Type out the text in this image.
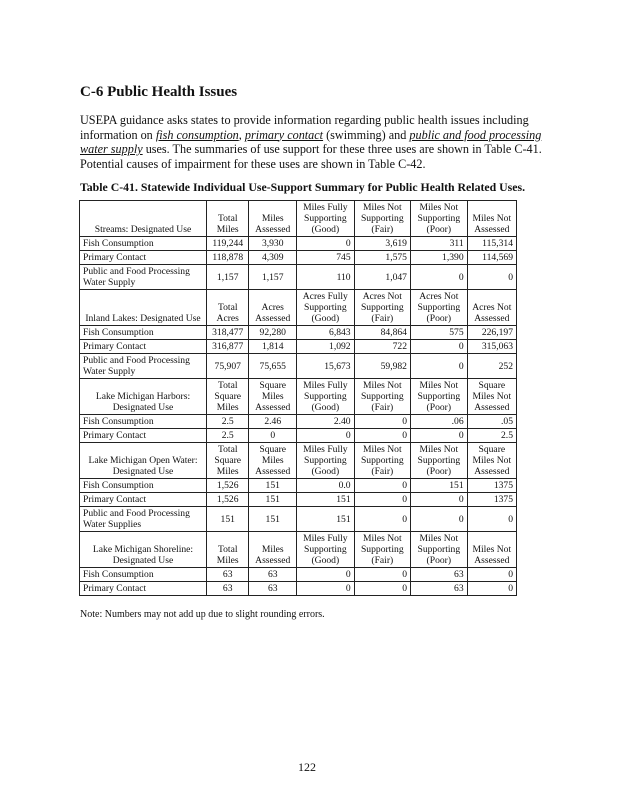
C-6 Public Health Issues

USEPA guidance asks states to provide information regarding public health issues including information on fish consumption, primary contact (swimming) and public and food processing water supply uses. The summaries of use support for these three uses are shown in Table C-41. Potential causes of impairment for these uses are shown in Table C-42.

Table C-41. Statewide Individual Use-Support Summary for Public Health Related Uses.

Streams: Designated Use	Total Miles	Miles Assessed	Miles Fully Supporting (Good)	Miles Not Supporting (Fair)	Miles Not Supporting (Poor)	Miles Not Assessed
Fish Consumption	119,244	3,930	0	3,619	311	115,314
Primary Contact	118,878	4,309	745	1,575	1,390	114,569
Public and Food Processing Water Supply	1,157	1,157	110	1,047	0	0
Inland Lakes: Designated Use	Total Acres	Acres Assessed	Acres Fully Supporting (Good)	Acres Not Supporting (Fair)	Acres Not Supporting (Poor)	Acres Not Assessed
Fish Consumption	318,477	92,280	6,843	84,864	575	226,197
Primary Contact	316,877	1,814	1,092	722	0	315,063
Public and Food Processing Water Supply	75,907	75,655	15,673	59,982	0	252
Lake Michigan Harbors: Designated Use	Total Square Miles	Square Miles Assessed	Miles Fully Supporting (Good)	Miles Not Supporting (Fair)	Miles Not Supporting (Poor)	Square Miles Not Assessed
Fish Consumption	2.5	2.46	2.40	0	.06	.05
Primary Contact	2.5	0	0	0	0	2.5
Lake Michigan Open Water: Designated Use	Total Square Miles	Square Miles Assessed	Miles Fully Supporting (Good)	Miles Not Supporting (Fair)	Miles Not Supporting (Poor)	Square Miles Not Assessed
Fish Consumption	1,526	151	0.0	0	151	1375
Primary Contact	1,526	151	151	0	0	1375
Public and Food Processing Water Supplies	151	151	151	0	0	0
Lake Michigan Shoreline: Designated Use	Total Miles	Miles Assessed	Miles Fully Supporting (Good)	Miles Not Supporting (Fair)	Miles Not Supporting (Poor)	Miles Not Assessed
Fish Consumption	63	63	0	0	63	0
Primary Contact	63	63	0	0	63	0

Note: Numbers may not add up due to slight rounding errors.

122
